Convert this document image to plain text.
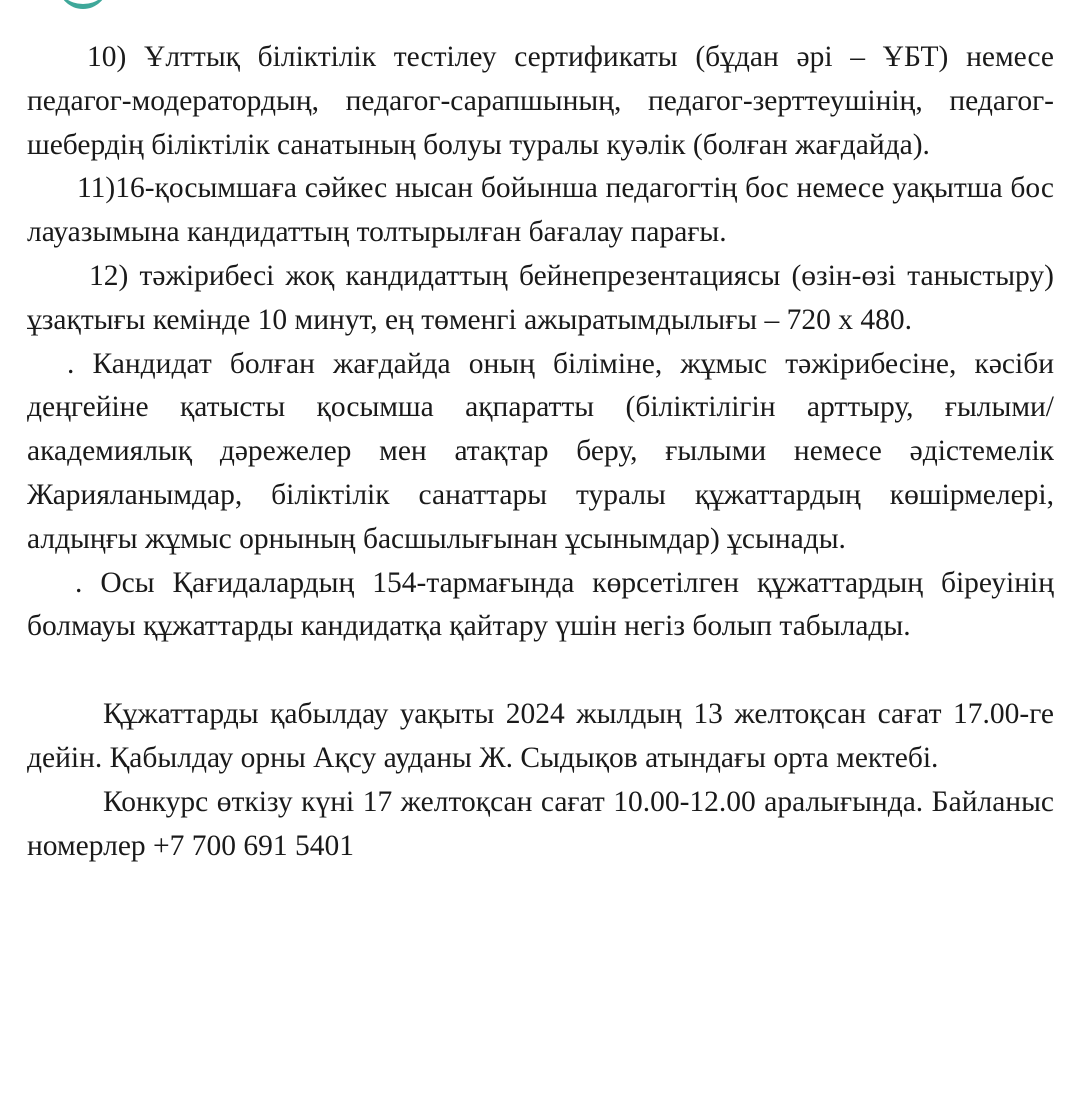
10) Ұлттық біліктілік тестілеу сертификаты (бұдан әрі – ҰБТ) немесе педагог-модератордың, педагог-сарапшының, педагог-зерттеушінің, педагог-шебердің біліктілік санатының болуы туралы куәлік (болған жағдайда).

11)16-қосымшаға сәйкес нысан бойынша педагогтің бос немесе уақытша бос лауазымына кандидаттың толтырылған бағалау парағы.

12) тәжірибесі жоқ кандидаттың бейнепрезентациясы (өзін-өзі таныстыру) ұзақтығы кемінде 10 минут, ең төменгі ажыратымдылығы – 720 x 480.

. Кандидат болған жағдайда оның біліміне, жұмыс тәжірибесіне, кәсіби деңгейіне қатысты қосымша ақпаратты (біліктілігін арттыру, ғылыми/академиялық дәрежелер мен атақтар беру, ғылыми немесе әдістемелік Жарияланымдар, біліктілік санаттары туралы құжаттардың көшірмелері, алдыңғы жұмыс орнының басшылығынан ұсынымдар) ұсынады.

. Осы Қағидалардың 154-тармағында көрсетілген құжаттардың біреуінің болмауы құжаттарды кандидатқа қайтару үшін негіз болып табылады.

Құжаттарды қабылдау уақыты 2024 жылдың 13 желтоқсан сағат 17.00-ге дейін. Қабылдау орны Ақсу ауданы Ж. Сыдықов атындағы орта мектебі.

Конкурс өткізу күні 17 желтоқсан сағат 10.00-12.00 аралығында. Байланыс   номерлер +7 700 691 5401
